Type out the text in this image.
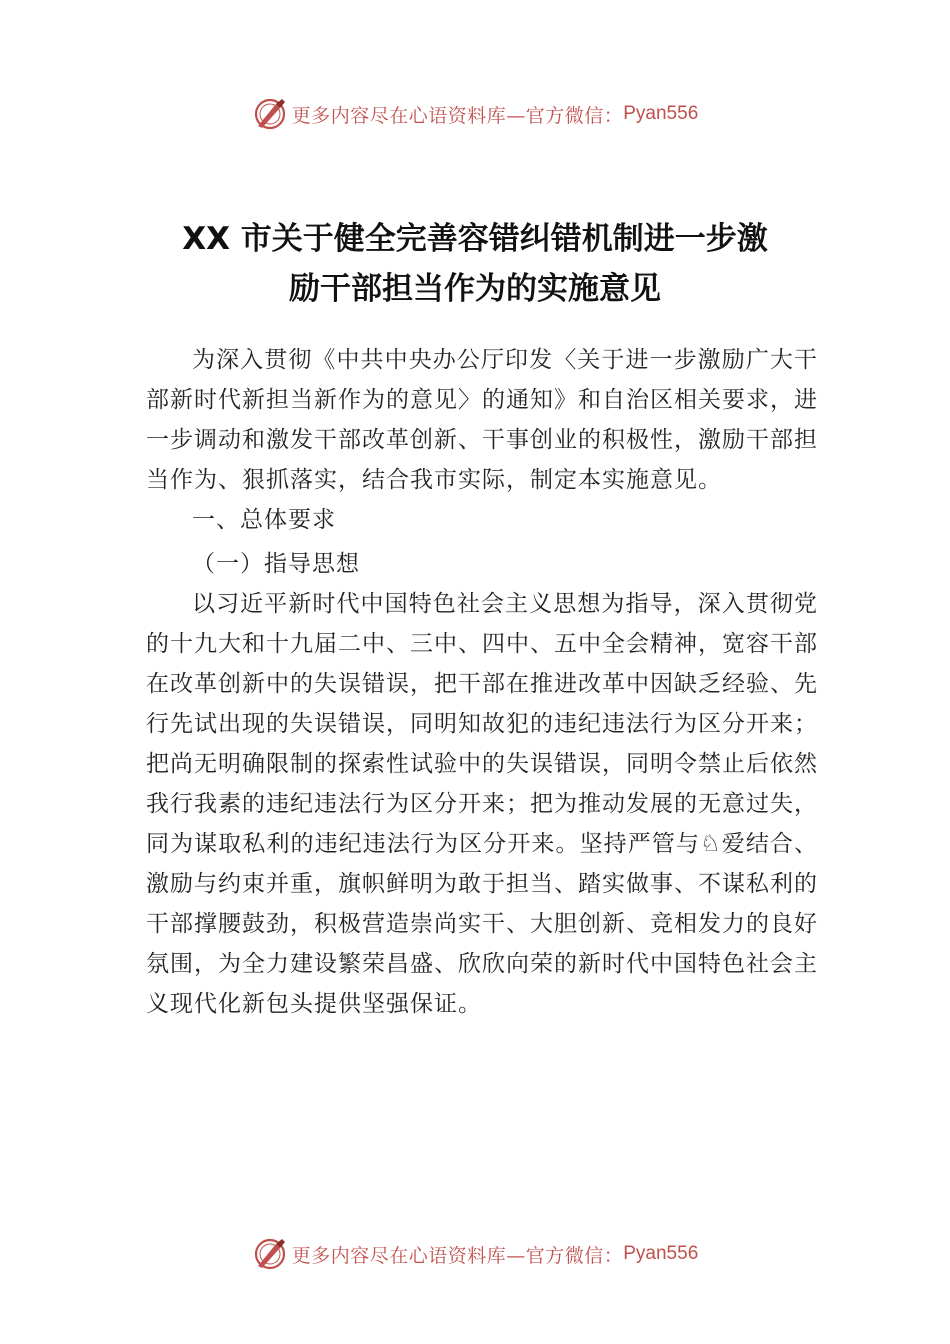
更多内容尽在心语资料库—官方微信： Pyan556
XX 市关于健全完善容错纠错机制进一步激
励干部担当作为的实施意见

为深入贯彻《中共中央办公厅印发〈关于进一步激励广大干部新时代新担当新作为的意见〉的通知》和自治区相关要求，进一步调动和激发干部改革创新、干事创业的积极性，激励干部担当作为、狠抓落实，结合我市实际，制定本实施意见。

一、总体要求

（一）指导思想

以习近平新时代中国特色社会主义思想为指导，深入贯彻党的十九大和十九届二中、三中、四中、五中全会精神，宽容干部在改革创新中的失误错误，把干部在推进改革中因缺乏经验、先行先试出现的失误错误，同明知故犯的违纪违法行为区分开来；把尚无明确限制的探索性试验中的失误错误，同明令禁止后依然我行我素的违纪违法行为区分开来；把为推动发展的无意过失，同为谋取私利的违纪违法行为区分开来。坚持严管与♘爱结合、激励与约束并重，旗帜鲜明为敢于担当、踏实做事、不谋私利的干部撑腰鼓劲，积极营造崇尚实干、大胆创新、竞相发力的良好氛围，为全力建设繁荣昌盛、欣欣向荣的新时代中国特色社会主义现代化新包头提供坚强保证。

更多内容尽在心语资料库—官方微信： Pyan556
